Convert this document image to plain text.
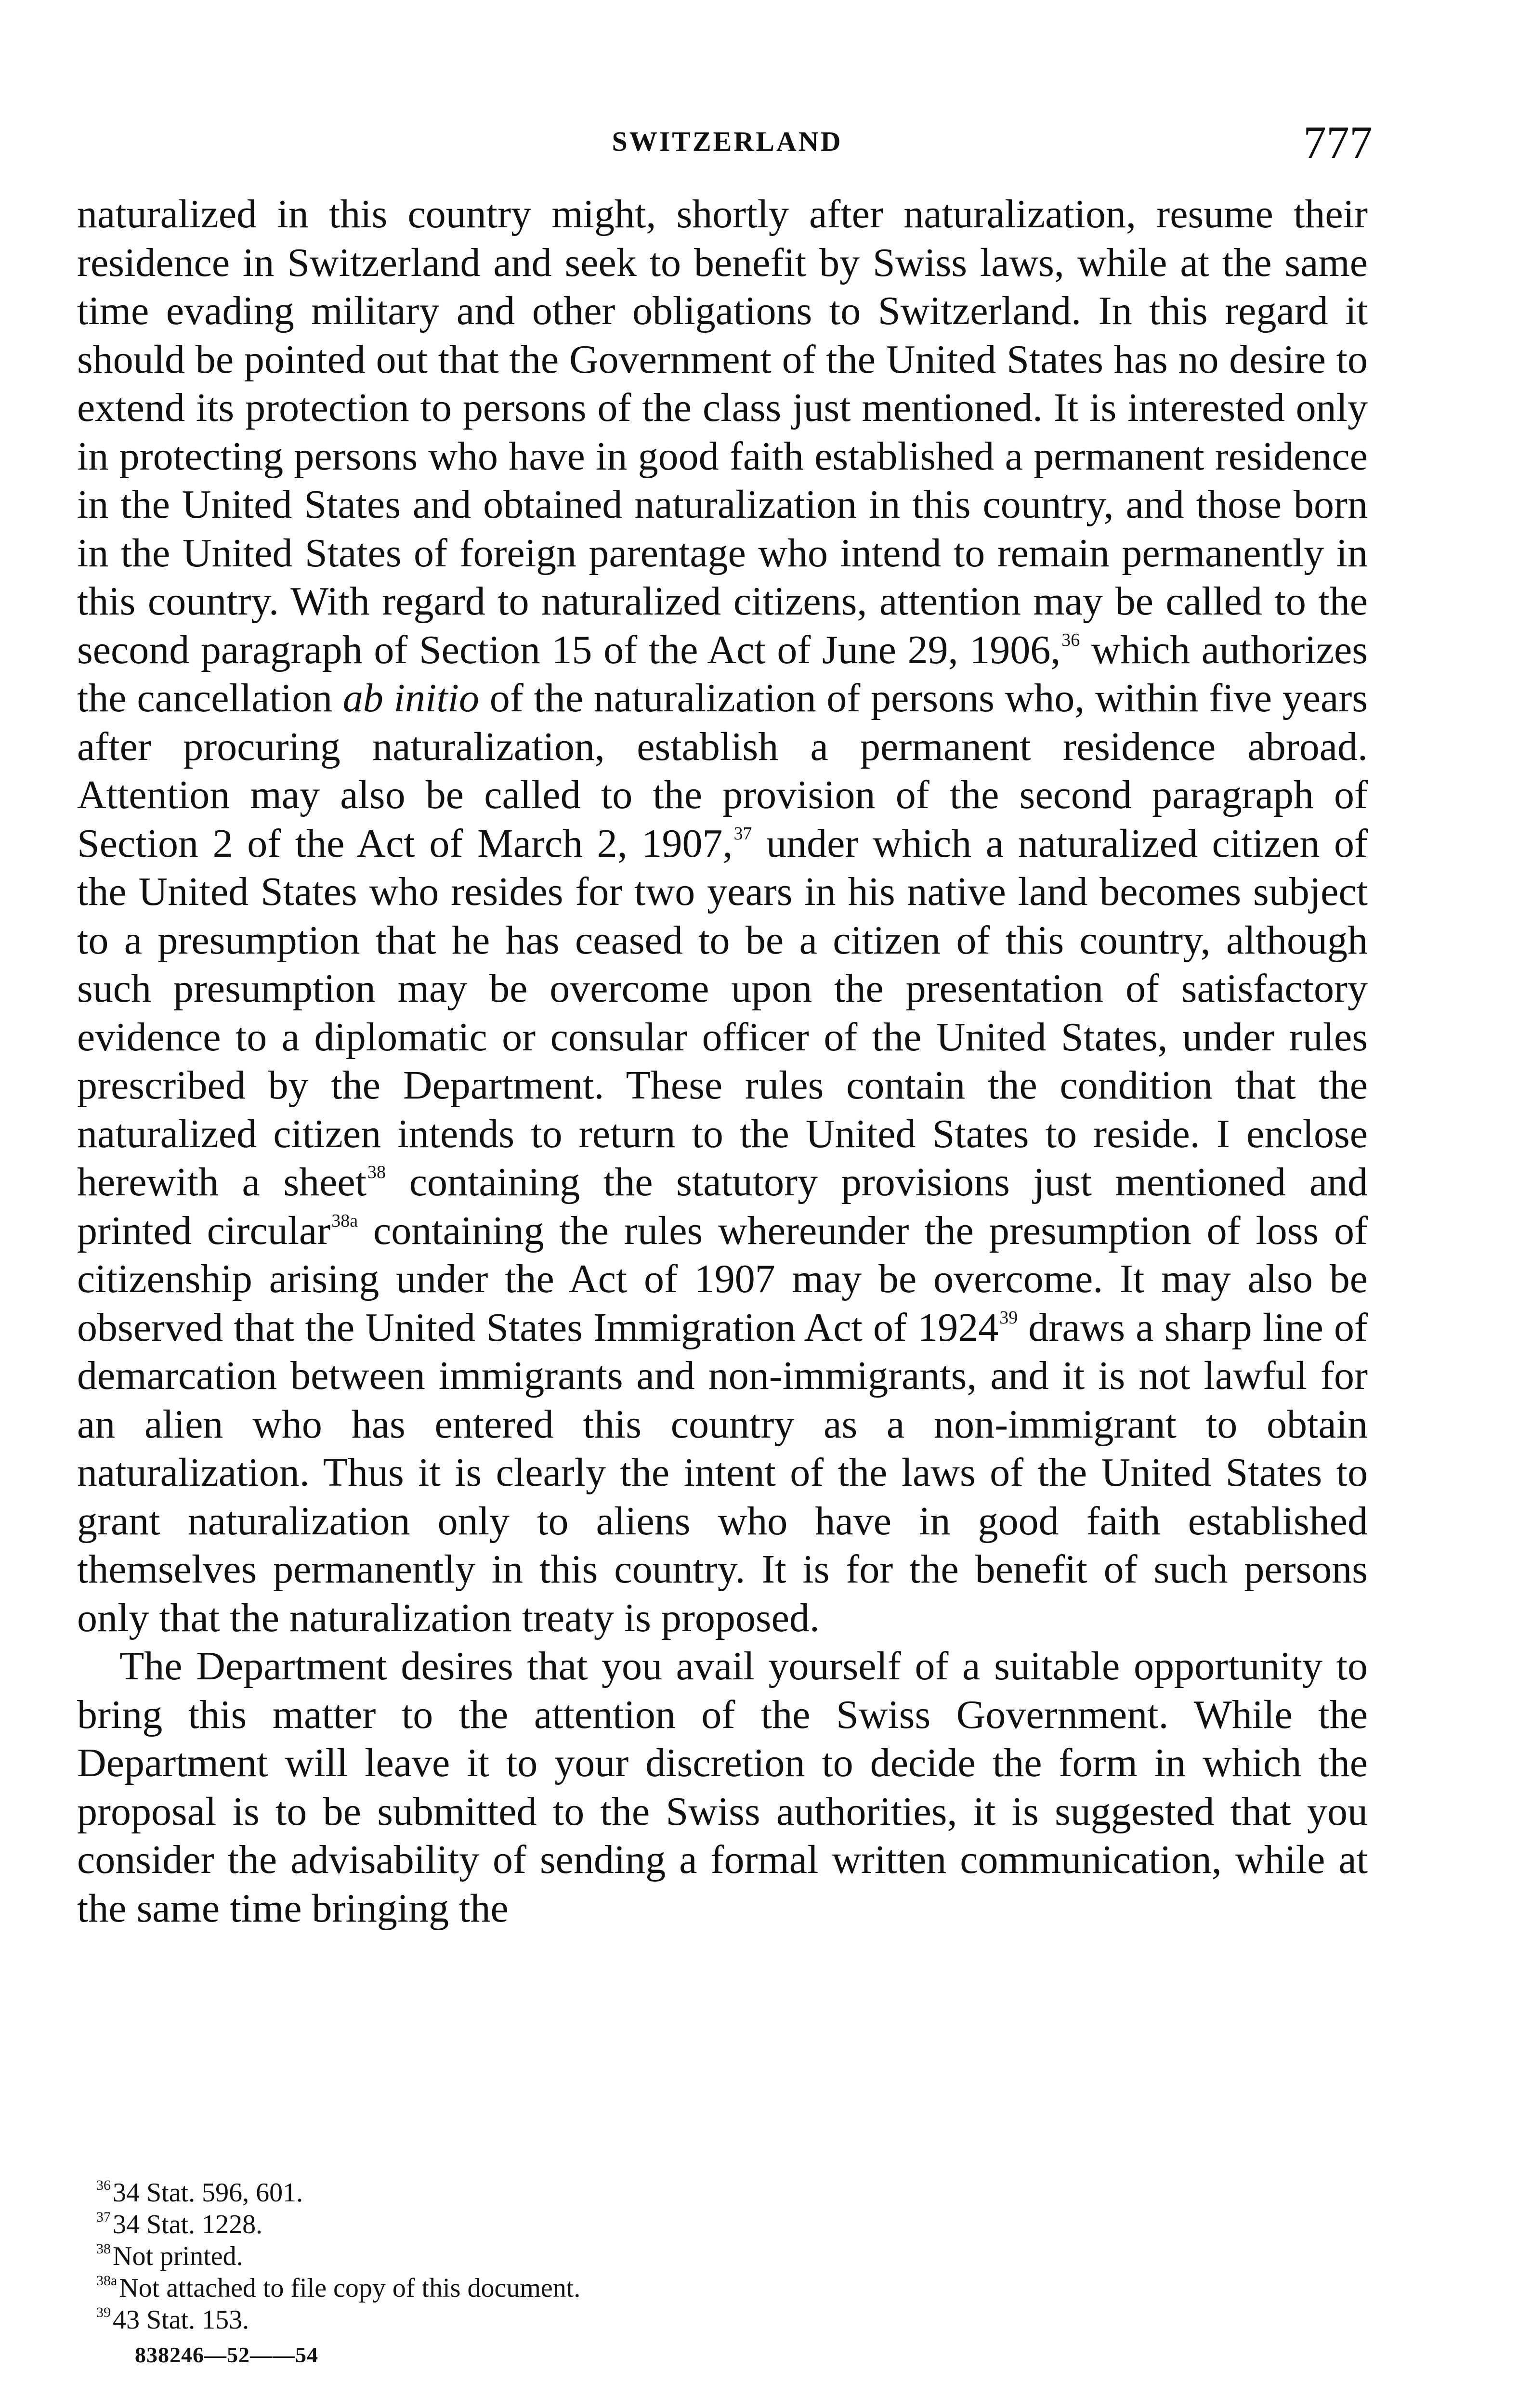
SWITZERLAND	777

naturalized in this country might, shortly after naturalization, resume their residence in Switzerland and seek to benefit by Swiss laws, while at the same time evading military and other obligations to Switzerland. In this regard it should be pointed out that the Government of the United States has no desire to extend its protection to persons of the class just mentioned. It is interested only in protecting persons who have in good faith established a permanent residence in the United States and obtained naturalization in this country, and those born in the United States of foreign parentage who intend to remain permanently in this country. With regard to naturalized citizens, attention may be called to the second paragraph of Section 15 of the Act of June 29, 1906,36 which authorizes the cancellation ab initio of the naturalization of persons who, within five years after procuring naturalization, establish a permanent residence abroad. Attention may also be called to the provision of the second paragraph of Section 2 of the Act of March 2, 1907,37 under which a naturalized citizen of the United States who resides for two years in his native land becomes subject to a presumption that he has ceased to be a citizen of this country, although such presumption may be overcome upon the presentation of satisfactory evidence to a diplomatic or consular officer of the United States, under rules prescribed by the Department. These rules contain the condition that the naturalized citizen intends to return to the United States to reside. I enclose herewith a sheet$^{38}$ containing the statutory provisions just mentioned and printed circular$^{38a}$ containing the rules whereunder the presumption of loss of citizenship arising under the Act of 1907 may be overcome. It may also be observed that the United States Immigration Act of 1924$^{39}$ draws a sharp line of demarcation between immigrants and non-immigrants, and it is not lawful for an alien who has entered this country as a non-immigrant to obtain naturalization. Thus it is clearly the intent of the laws of the United States to grant naturalization only to aliens who have in good faith established themselves permanently in this country. It is for the benefit of such persons only that the naturalization treaty is proposed.

The Department desires that you avail yourself of a suitable opportunity to bring this matter to the attention of the Swiss Government. While the Department will leave it to your discretion to decide the form in which the proposal is to be submitted to the Swiss authorities, it is suggested that you consider the advisability of sending a formal written communication, while at the same time bringing the

$^{36}$34 Stat. 596, 601.
$^{37}$34 Stat. 1228.
$^{38}$Not printed.
$^{38a}$Not attached to file copy of this document.
$^{39}$43 Stat. 153.
838246—52——54
